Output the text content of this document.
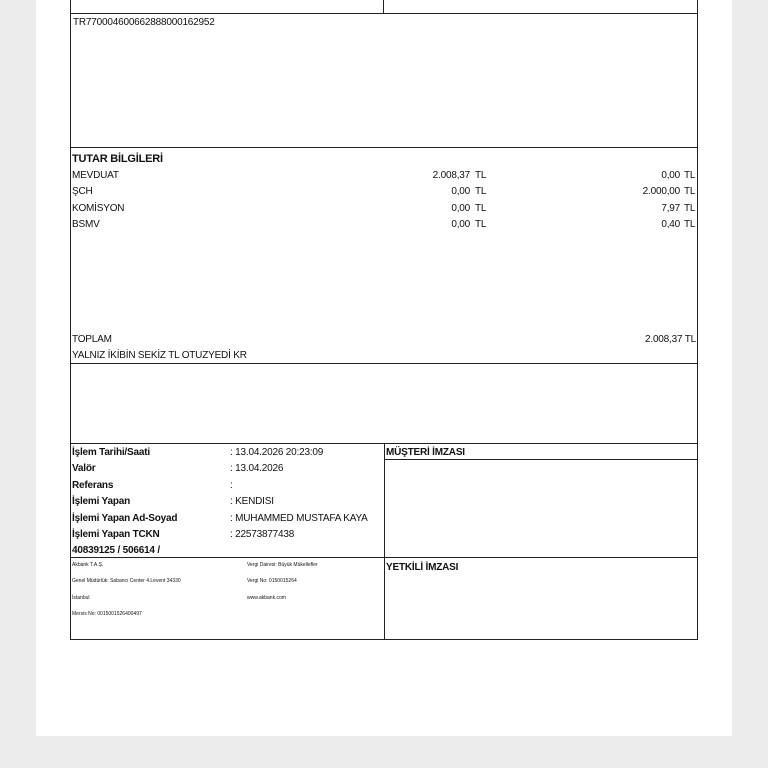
TR770004600662888000162952
TUTAR BİLGİLERİ
MEVDUAT	2.008,37 TL	0,00 TL
ŞCH	0,00 TL	2.000,00 TL
KOMİSYON	0,00 TL	7,97 TL
BSMV	0,00 TL	0,40 TL
TOPLAM	2.008,37 TL
YALNIZ İKİBİN SEKİZ TL OTUZYEDİ KR
MÜŞTERİ İMZASI
İşlem Tarihi/Saati	: 13.04.2026 20:23:09
Valör	: 13.04.2026
Referans	:
İşlemi Yapan	: KENDISI
İşlemi Yapan Ad-Soyad	: MUHAMMED MUSTAFA KAYA
İşlemi Yapan TCKN	: 22573877438
40839125 / 506614 /
YETKİLİ İMZASI
Akbank T.A.Ş.
Genel Müdürlük: Sabancı Center 4.Levent 34330
İstanbul
Mersis No: 0015001526400497
Vergi Dairesi: Büyük Mükellefler
Vergi No: 0150015264
www.akbank.com
